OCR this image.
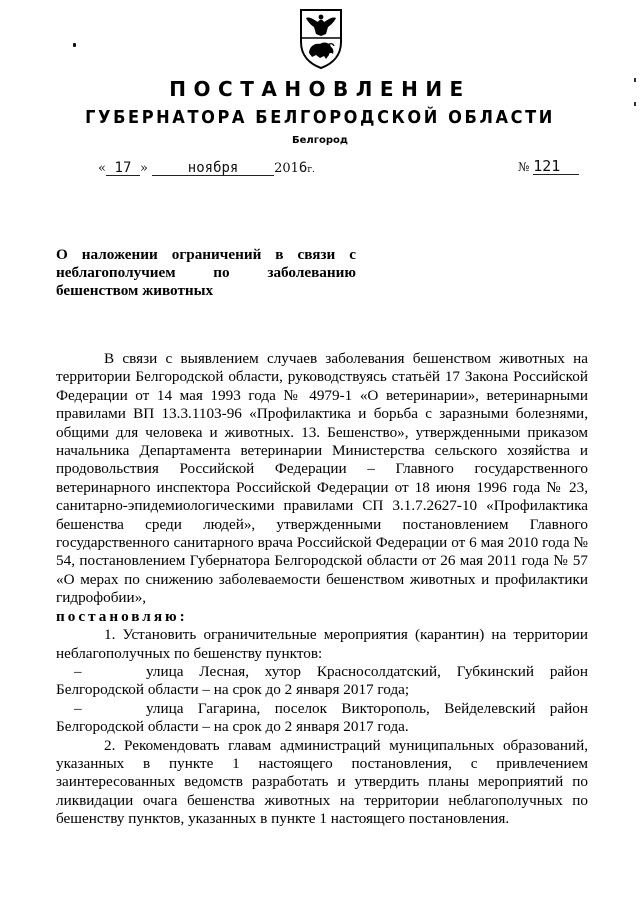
ПОСТАНОВЛЕНИЕ
ГУБЕРНАТОРА БЕЛГОРОДСКОЙ ОБЛАСТИ
Белгород
« 17 »	ноября	2016г.	№ 121
О наложении ограничений в связи с
неблагополучием по заболеванию
бешенством животных

В связи с выявлением случаев заболевания бешенством животных на территории Белгородской области, руководствуясь статьёй 17 Закона Российской Федерации от 14 мая 1993 года № 4979-1 «О ветеринарии», ветеринарными правилами ВП 13.3.1103-96 «Профилактика и борьба с заразными болезнями, общими для человека и животных. 13. Бешенство», утвержденными приказом начальника Департамента ветеринарии Министерства сельского хозяйства и продовольствия Российской Федерации – Главного государственного ветеринарного инспектора Российской Федерации от 18 июня 1996 года № 23, санитарно-эпидемиологическими правилами СП 3.1.7.2627-10 «Профилактика бешенства среди людей», утвержденными постановлением Главного государственного санитарного врача Российской Федерации от 6 мая 2010 года № 54, постановлением Губернатора Белгородской области от 26 мая 2011 года № 57 «О мерах по снижению заболеваемости бешенством животных и профилактики гидрофобии»,

постановляю:

1. Установить ограничительные мероприятия (карантин) на территории неблагополучных по бешенству пунктов:

–	улица Лесная, хутор Красносолдатский, Губкинский район
Белгородской области – на срок до 2 января 2017 года;
–	улица Гагарина, поселок Викторополь, Вейделевский район
Белгородской области – на срок до 2 января 2017 года.

2. Рекомендовать главам администраций муниципальных образований, указанных в пункте 1 настоящего постановления, с привлечением заинтересованных ведомств разработать и утвердить планы мероприятий по ликвидации очага бешенства животных на территории неблагополучных по бешенству пунктов, указанных в пункте 1 настоящего постановления.
